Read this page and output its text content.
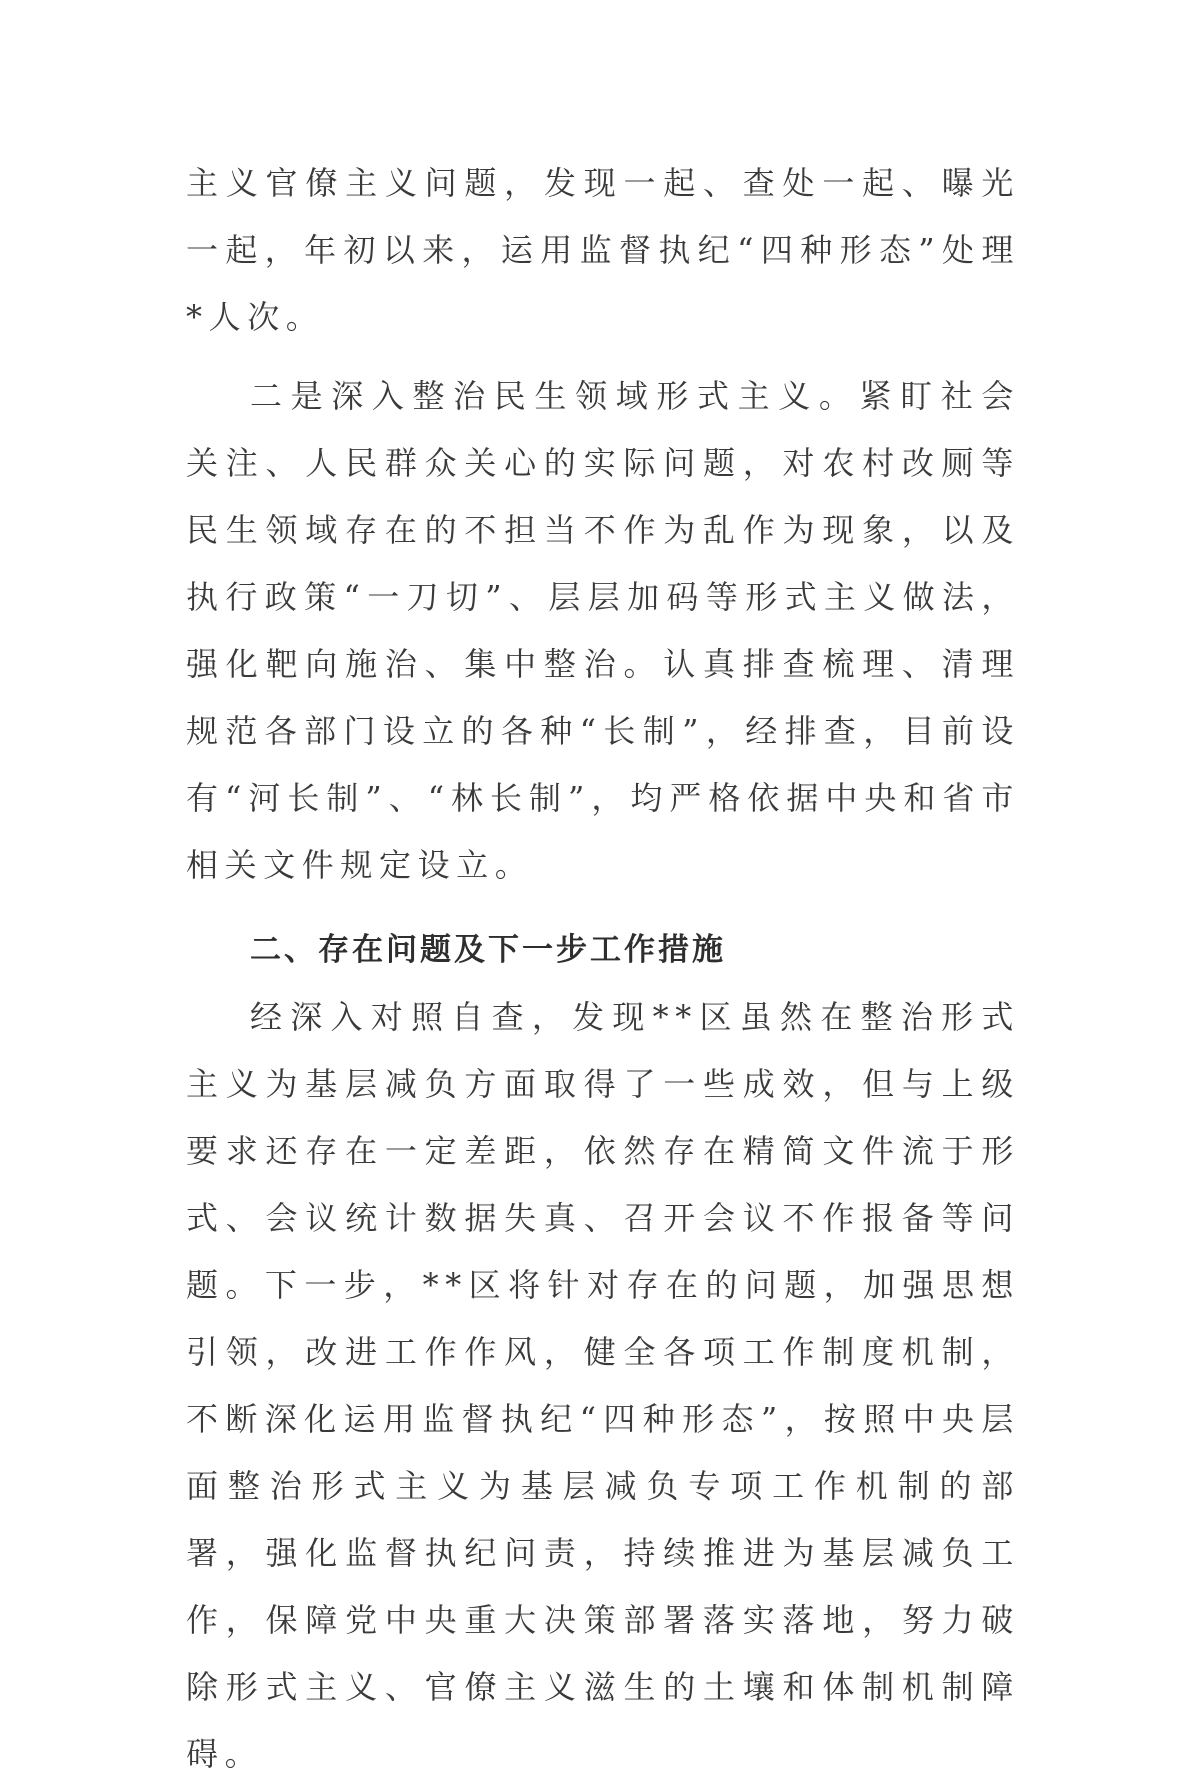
主义官僚主义问题，发现一起、查处一起、曝光一起，年初以来，运用监督执纪“四种形态”处理*人次。

二是深入整治民生领域形式主义。紧盯社会关注、人民群众关心的实际问题，对农村改厕等民生领域存在的不担当不作为乱作为现象，以及执行政策“一刀切”、层层加码等形式主义做法，强化靶向施治、集中整治。认真排查梳理、清理规范各部门设立的各种“长制”，经排查，目前设有“河长制”、“林长制”，均严格依据中央和省市相关文件规定设立。

二、存在问题及下一步工作措施

经深入对照自查，发现**区虽然在整治形式主义为基层减负方面取得了一些成效，但与上级要求还存在一定差距，依然存在精简文件流于形式、会议统计数据失真、召开会议不作报备等问题。下一步，**区将针对存在的问题，加强思想引领，改进工作作风，健全各项工作制度机制，不断深化运用监督执纪“四种形态”，按照中央层面整治形式主义为基层减负专项工作机制的部署，强化监督执纪问责，持续推进为基层减负工作，保障党中央重大决策部署落实落地，努力破除形式主义、官僚主义滋生的土壤和体制机制障碍。
